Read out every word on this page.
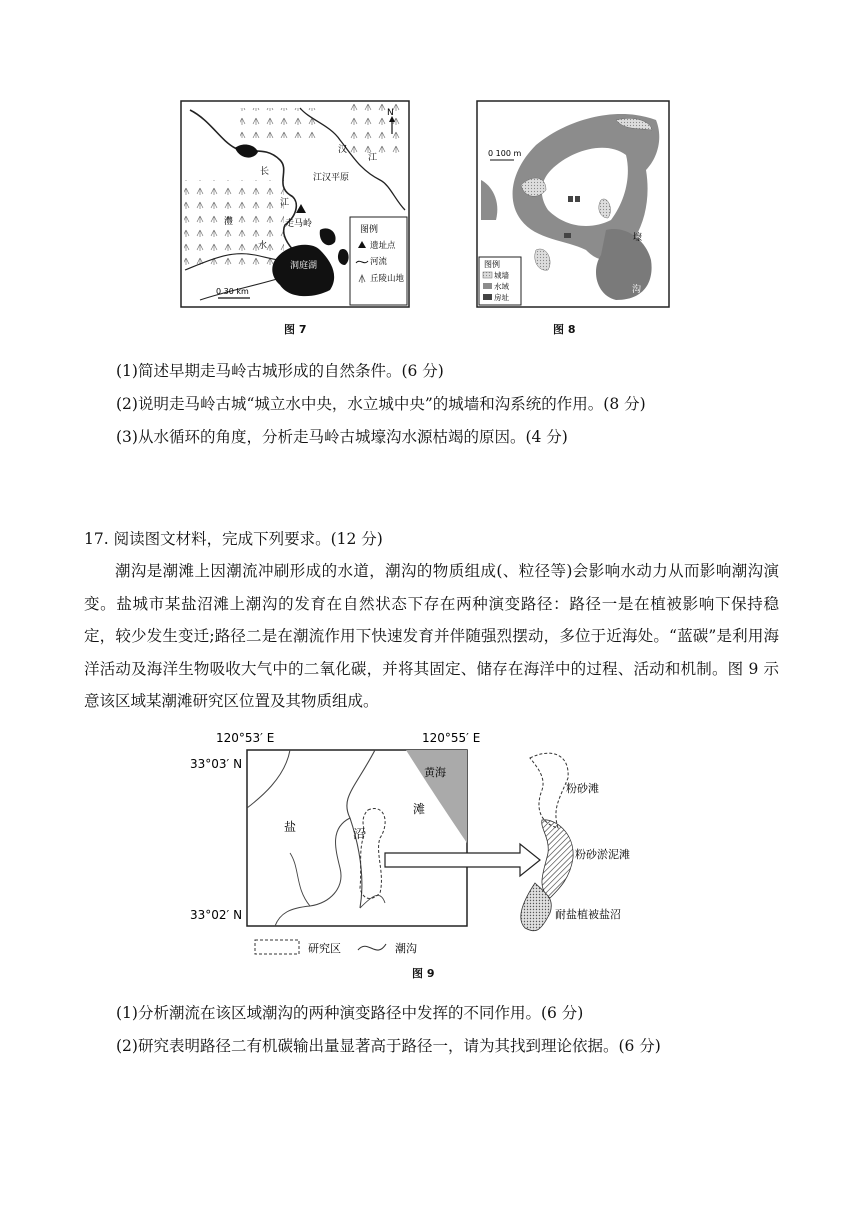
N
长
汉
江
江汉平原
江
走马岭
澧
水
洞庭湖
0 30 km
图例
遗址点
河流
丘陵山地
图 7
0 100 m
壕
沟
图例
城墙
水域
房址
图 8
(1)简述早期走马岭古城形成的自然条件。(6 分)
(2)说明走马岭古城“城立水中央，水立城中央”的城墙和沟系统的作用。(8 分)
(3)从水循环的角度，分析走马岭古城壕沟水源枯竭的原因。(4 分)
17. 阅读图文材料，完成下列要求。(12 分)
潮沟是潮滩上因潮流冲刷形成的水道，潮沟的物质组成(、粒径等)会影响水动力从而影响潮沟演变。盐城市某盐沼滩上潮沟的发育在自然状态下存在两种演变路径：路径一是在植被影响下保持稳定，较少发生变迁;路径二是在潮流作用下快速发育并伴随强烈摆动，多位于近海处。“蓝碳”是利用海洋活动及海洋生物吸收大气中的二氧化碳，并将其固定、储存在海洋中的过程、活动和机制。图 9 示意该区域某潮滩研究区位置及其物质组成。
120°53′ E	120°55′ E
33°03′ N
33°02′ N
黄海
盐	沼
滩
粉砂滩
粉砂淤泥滩
耐盐植被盐沼
研究区	潮沟
图 9
(1)分析潮流在该区域潮沟的两种演变路径中发挥的不同作用。(6 分)
(2)研究表明路径二有机碳输出量显著高于路径一，请为其找到理论依据。(6 分)
